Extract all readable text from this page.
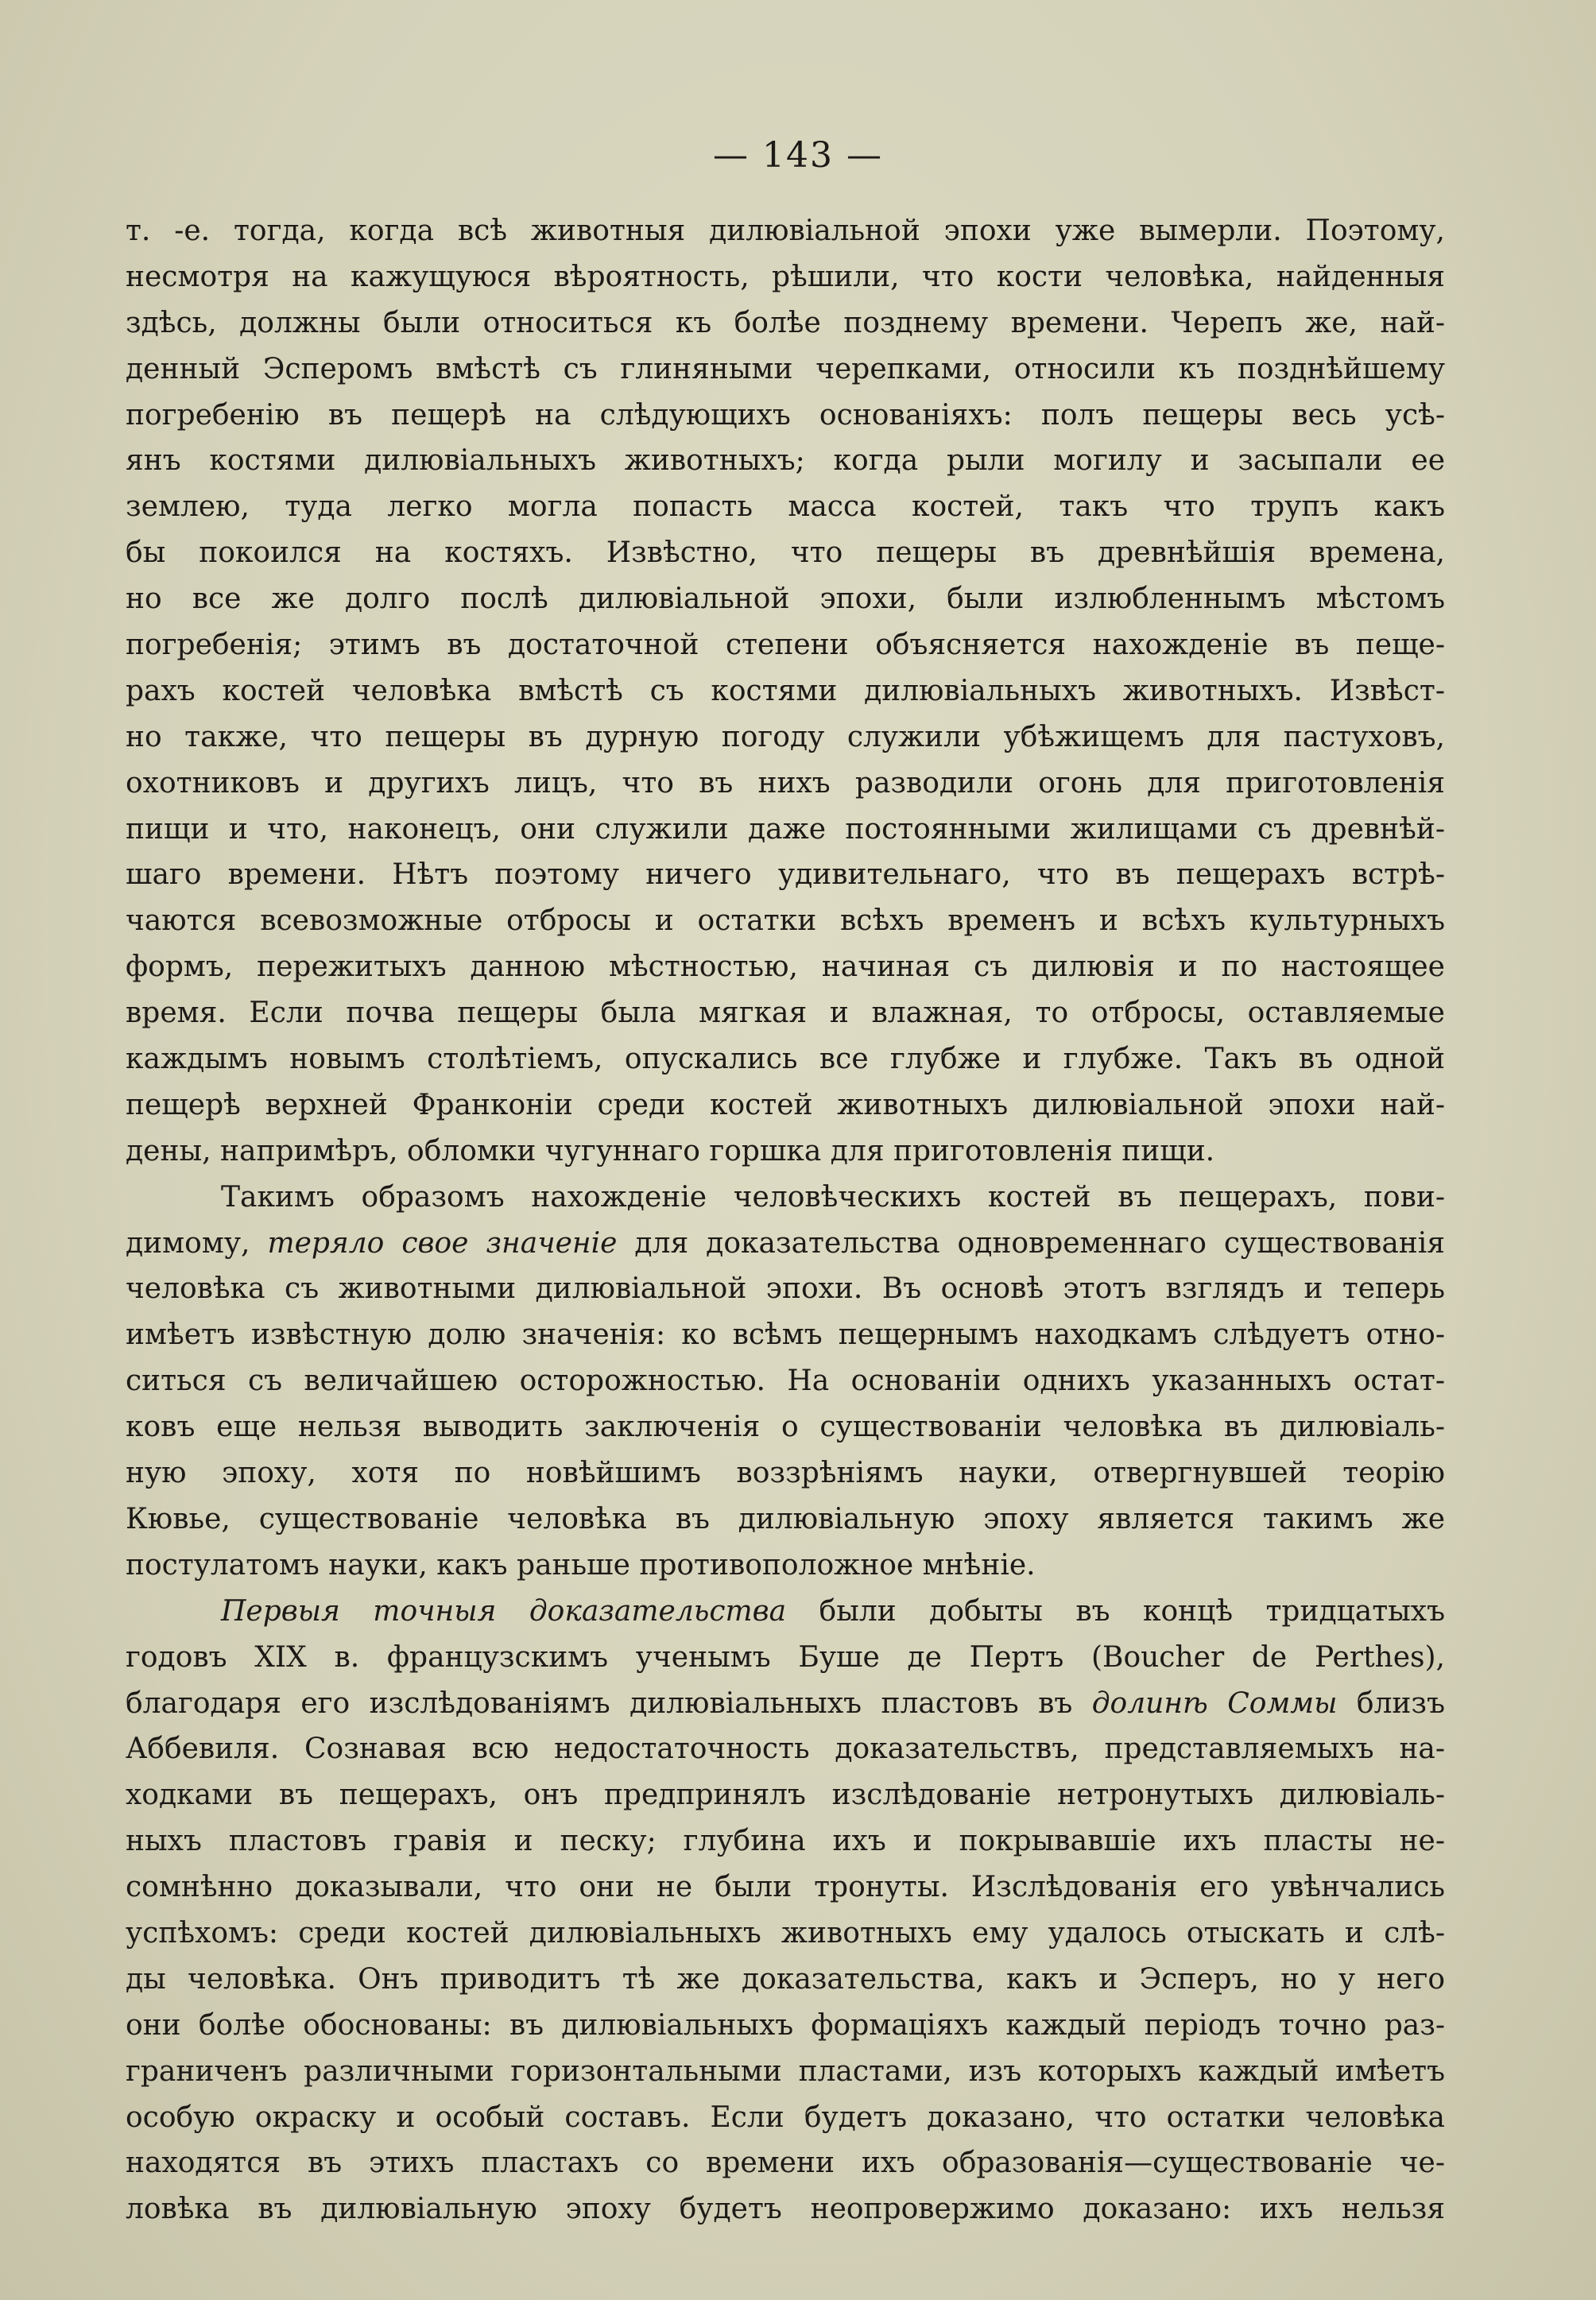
— 143 —
т. -е. тогда, когда всѣ животныя дилювіальной эпохи уже вымерли. Поэтому,
несмотря на кажущуюся вѣроятность, рѣшили, что кости человѣка, найденныя
здѣсь, должны были относиться къ болѣе позднему времени. Черепъ же, най-
денный Эсперомъ вмѣстѣ съ глиняными черепками, относили къ позднѣйшему
погребенію въ пещерѣ на слѣдующихъ основаніяхъ: полъ пещеры весь усѣ-
янъ костями дилювіальныхъ животныхъ; когда рыли могилу и засыпали ее
землею, туда легко могла попасть масса костей, такъ что трупъ какъ
бы покоился на костяхъ. Извѣстно, что пещеры въ древнѣйшія времена,
но все же долго послѣ дилювіальной эпохи, были излюбленнымъ мѣстомъ
погребенія; этимъ въ достаточной степени объясняется нахожденіе въ пеще-
рахъ костей человѣка вмѣстѣ съ костями дилювіальныхъ животныхъ. Извѣст-
но также, что пещеры въ дурную погоду служили убѣжищемъ для пастуховъ,
охотниковъ и другихъ лицъ, что въ нихъ разводили огонь для приготовленія
пищи и что, наконецъ, они служили даже постоянными жилищами съ древнѣй-
шаго времени. Нѣтъ поэтому ничего удивительнаго, что въ пещерахъ встрѣ-
чаются всевозможные отбросы и остатки всѣхъ временъ и всѣхъ культурныхъ
формъ, пережитыхъ данною мѣстностью, начиная съ дилювія и по настоящее
время. Если почва пещеры была мягкая и влажная, то отбросы, оставляемые
каждымъ новымъ столѣтіемъ, опускались все глубже и глубже. Такъ въ одной
пещерѣ верхней Франконіи среди костей животныхъ дилювіальной эпохи най-
дены, напримѣръ, обломки чугуннаго горшка для приготовленія пищи.
Такимъ образомъ нахожденіе человѣческихъ костей въ пещерахъ, пови-
димому, теряло свое значеніе для доказательства одновременнаго существованія
человѣка съ животными дилювіальной эпохи. Въ основѣ этотъ взглядъ и теперь
имѣетъ извѣстную долю значенія: ко всѣмъ пещернымъ находкамъ слѣдуетъ отно-
ситься съ величайшею осторожностью. На основаніи однихъ указанныхъ остат-
ковъ еще нельзя выводить заключенія о существованіи человѣка въ дилювіаль-
ную эпоху, хотя по новѣйшимъ воззрѣніямъ науки, отвергнувшей теорію
Кювье, существованіе человѣка въ дилювіальную эпоху является такимъ же
постулатомъ науки, какъ раньше противоположное мнѣніе.
Первыя точныя доказательства были добыты въ концѣ тридцатыхъ
годовъ XIX в. французскимъ ученымъ Буше де Пертъ (Boucher de Perthes),
благодаря его изслѣдованіямъ дилювіальныхъ пластовъ въ долинѣ Соммы близъ
Аббевиля. Сознавая всю недостаточность доказательствъ, представляемыхъ на-
ходками въ пещерахъ, онъ предпринялъ изслѣдованіе нетронутыхъ дилювіаль-
ныхъ пластовъ гравія и песку; глубина ихъ и покрывавшіе ихъ пласты не-
сомнѣнно доказывали, что они не были тронуты. Изслѣдованія его увѣнчались
успѣхомъ: среди костей дилювіальныхъ животныхъ ему удалось отыскать и слѣ-
ды человѣка. Онъ приводитъ тѣ же доказательства, какъ и Эсперъ, но у него
они болѣе обоснованы: въ дилювіальныхъ формаціяхъ каждый періодъ точно раз-
граниченъ различными горизонтальными пластами, изъ которыхъ каждый имѣетъ
особую окраску и особый составъ. Если будетъ доказано, что остатки человѣка
находятся въ этихъ пластахъ со времени ихъ образованія—существованіе че-
ловѣка въ дилювіальную эпоху будетъ неопровержимо доказано: ихъ нельзя
